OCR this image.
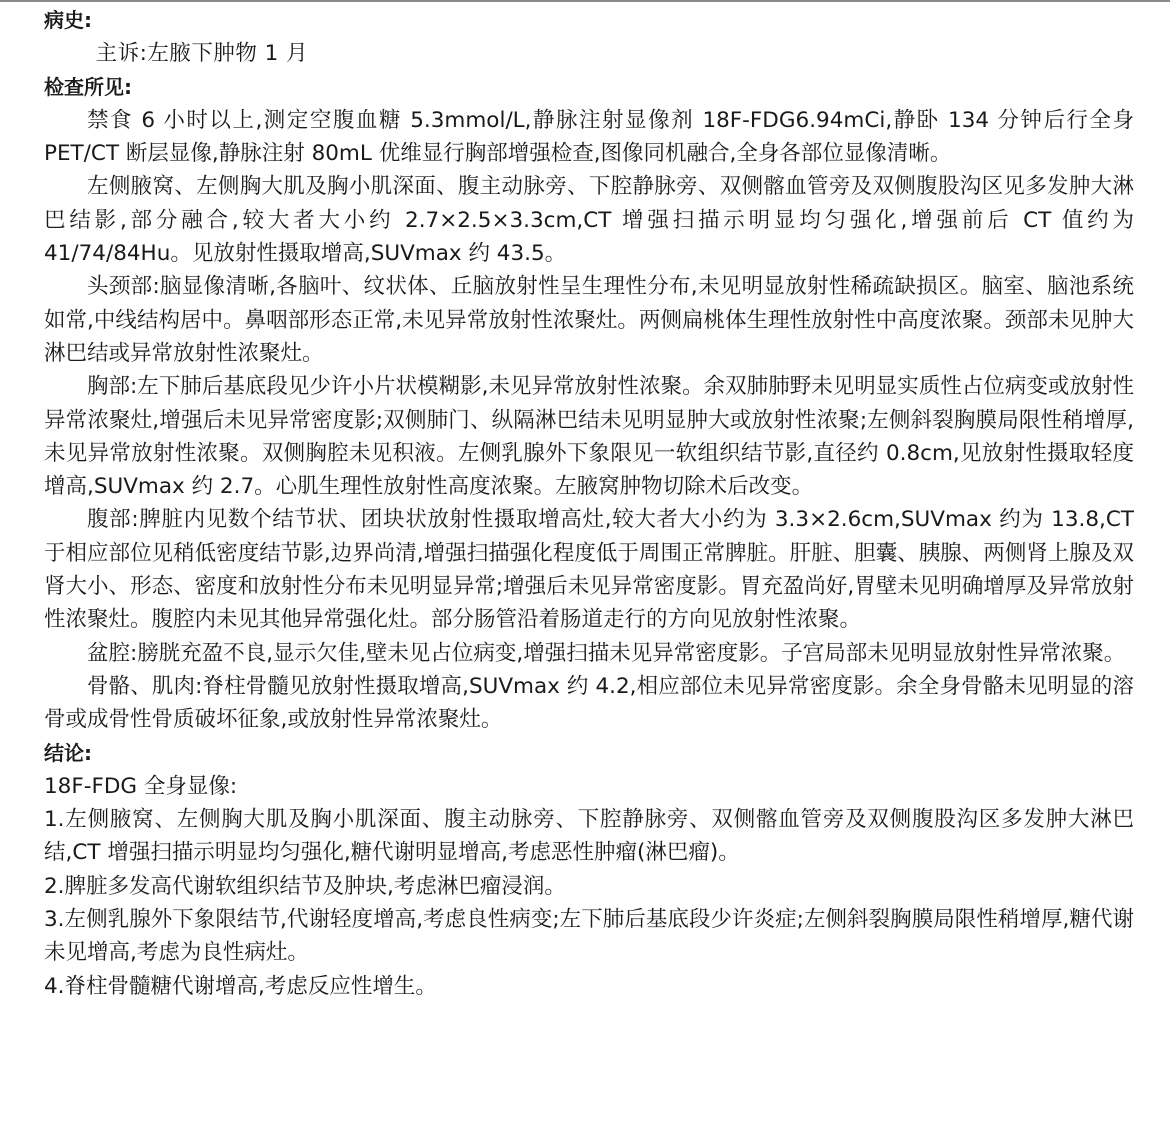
病史:

主诉:左腋下肿物 1 月

检查所见:

禁食 6 小时以上,测定空腹血糖 5.3mmol/L,静脉注射显像剂 18F-FDG6.94mCi,静卧 134 分钟后行全身 PET/CT 断层显像,静脉注射 80mL 优维显行胸部增强检查,图像同机融合,全身各部位显像清晰。

左侧腋窝、左侧胸大肌及胸小肌深面、腹主动脉旁、下腔静脉旁、双侧髂血管旁及双侧腹股沟区见多发肿大淋巴结影,部分融合,较大者大小约 2.7×2.5×3.3cm,CT 增强扫描示明显均匀强化,增强前后 CT 值约为 41/74/84Hu。见放射性摄取增高,SUVmax 约 43.5。

头颈部:脑显像清晰,各脑叶、纹状体、丘脑放射性呈生理性分布,未见明显放射性稀疏缺损区。脑室、脑池系统如常,中线结构居中。鼻咽部形态正常,未见异常放射性浓聚灶。两侧扁桃体生理性放射性中高度浓聚。颈部未见肿大淋巴结或异常放射性浓聚灶。

胸部:左下肺后基底段见少许小片状模糊影,未见异常放射性浓聚。余双肺肺野未见明显实质性占位病变或放射性异常浓聚灶,增强后未见异常密度影;双侧肺门、纵隔淋巴结未见明显肿大或放射性浓聚;左侧斜裂胸膜局限性稍增厚,未见异常放射性浓聚。双侧胸腔未见积液。左侧乳腺外下象限见一软组织结节影,直径约 0.8cm,见放射性摄取轻度增高,SUVmax 约 2.7。心肌生理性放射性高度浓聚。左腋窝肿物切除术后改变。

腹部:脾脏内见数个结节状、团块状放射性摄取增高灶,较大者大小约为 3.3×2.6cm,SUVmax 约为 13.8,CT 于相应部位见稍低密度结节影,边界尚清,增强扫描强化程度低于周围正常脾脏。肝脏、胆囊、胰腺、两侧肾上腺及双肾大小、形态、密度和放射性分布未见明显异常;增强后未见异常密度影。胃充盈尚好,胃壁未见明确增厚及异常放射性浓聚灶。腹腔内未见其他异常强化灶。部分肠管沿着肠道走行的方向见放射性浓聚。

盆腔:膀胱充盈不良,显示欠佳,壁未见占位病变,增强扫描未见异常密度影。子宫局部未见明显放射性异常浓聚。

骨骼、肌肉:脊柱骨髓见放射性摄取增高,SUVmax 约 4.2,相应部位未见异常密度影。余全身骨骼未见明显的溶骨或成骨性骨质破坏征象,或放射性异常浓聚灶。

结论:

18F-FDG 全身显像:

1.左侧腋窝、左侧胸大肌及胸小肌深面、腹主动脉旁、下腔静脉旁、双侧髂血管旁及双侧腹股沟区多发肿大淋巴结,CT 增强扫描示明显均匀强化,糖代谢明显增高,考虑恶性肿瘤(淋巴瘤)。

2.脾脏多发高代谢软组织结节及肿块,考虑淋巴瘤浸润。

3.左侧乳腺外下象限结节,代谢轻度增高,考虑良性病变;左下肺后基底段少许炎症;左侧斜裂胸膜局限性稍增厚,糖代谢未见增高,考虑为良性病灶。

4.脊柱骨髓糖代谢增高,考虑反应性增生。
